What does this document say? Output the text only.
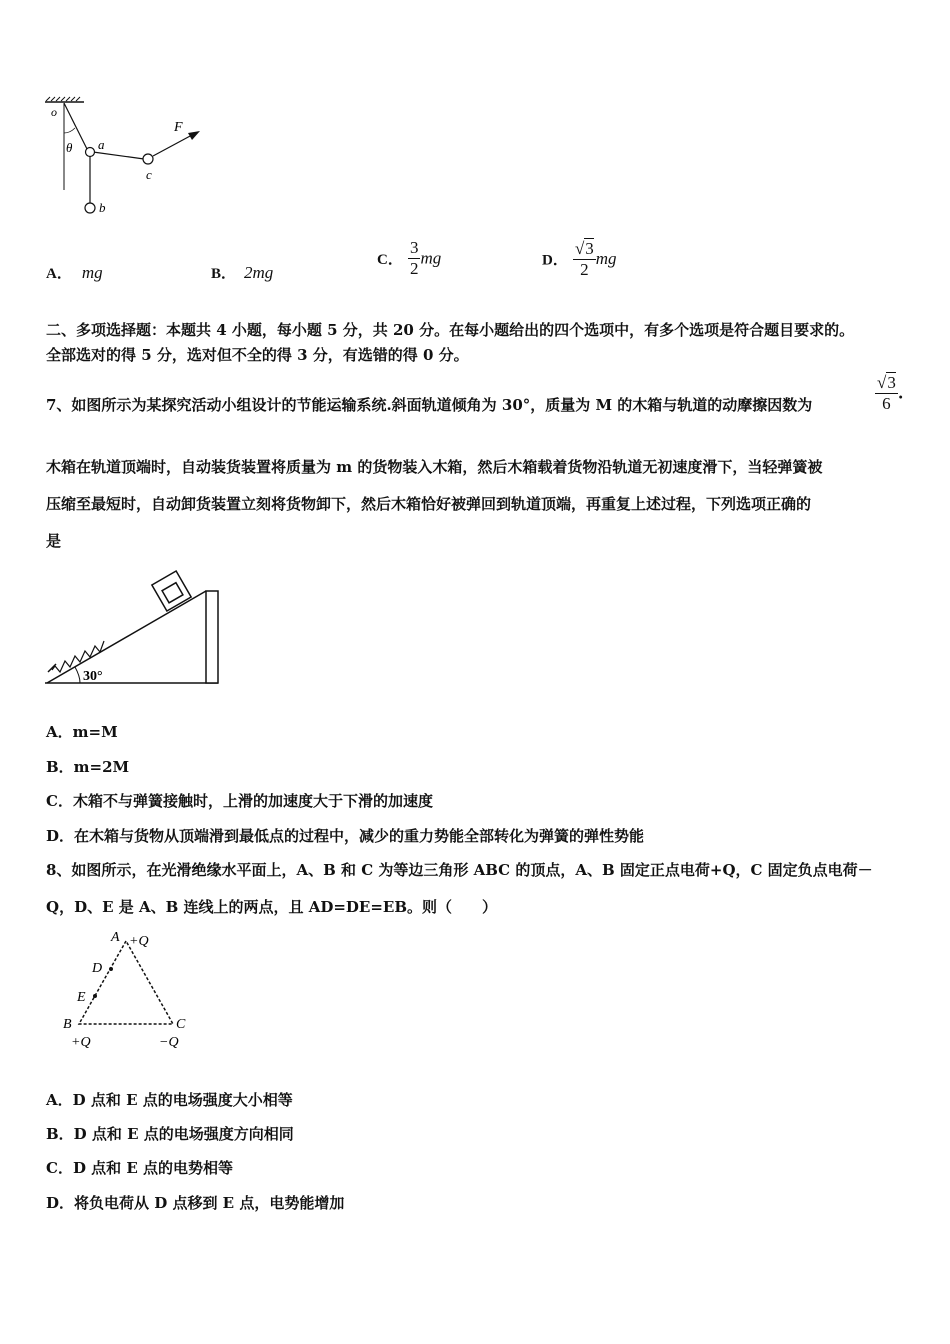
o
θ a
b
c
F
A． mg	B． 2mg
C． $\frac{3}{2}$ mg	D． $\frac{√3}{2}$ mg
二、多项选择题：本题共 4 小题，每小题 5 分，共 20 分。在每小题给出的四个选项中，有多个选项是符合题目要求的。
全部选对的得 5 分，选对但不全的得 3 分，有选错的得 0 分。
7、如图所示为某探究活动小组设计的节能运输系统.斜面轨道倾角为 30°，质量为 M 的木箱与轨道的动摩擦因数为	$\frac{√3}{6}$ .
木箱在轨道顶端时，自动装货装置将质量为 m 的货物装入木箱，然后木箱载着货物沿轨道无初速度滑下，当轻弹簧被
压缩至最短时，自动卸货装置立刻将货物卸下，然后木箱恰好被弹回到轨道顶端，再重复上述过程，下列选项正确的
是
30°
A．m=M
B．m=2M
C．木箱不与弹簧接触时，上滑的加速度大于下滑的加速度
D．在木箱与货物从顶端滑到最低点的过程中，减少的重力势能全部转化为弹簧的弹性势能
8、如图所示，在光滑绝缘水平面上，A、B 和 C 为等边三角形 ABC 的顶点，A、B 固定正点电荷+Q，C 固定负点电荷－
Q，D、E 是 A、B 连线上的两点，且 AD=DE=EB。则（　　）
A +Q
D
E
B	C
+Q	−Q
A．D 点和 E 点的电场强度大小相等
B．D 点和 E 点的电场强度方向相同
C．D 点和 E 点的电势相等
D．将负电荷从 D 点移到 E 点，电势能增加
